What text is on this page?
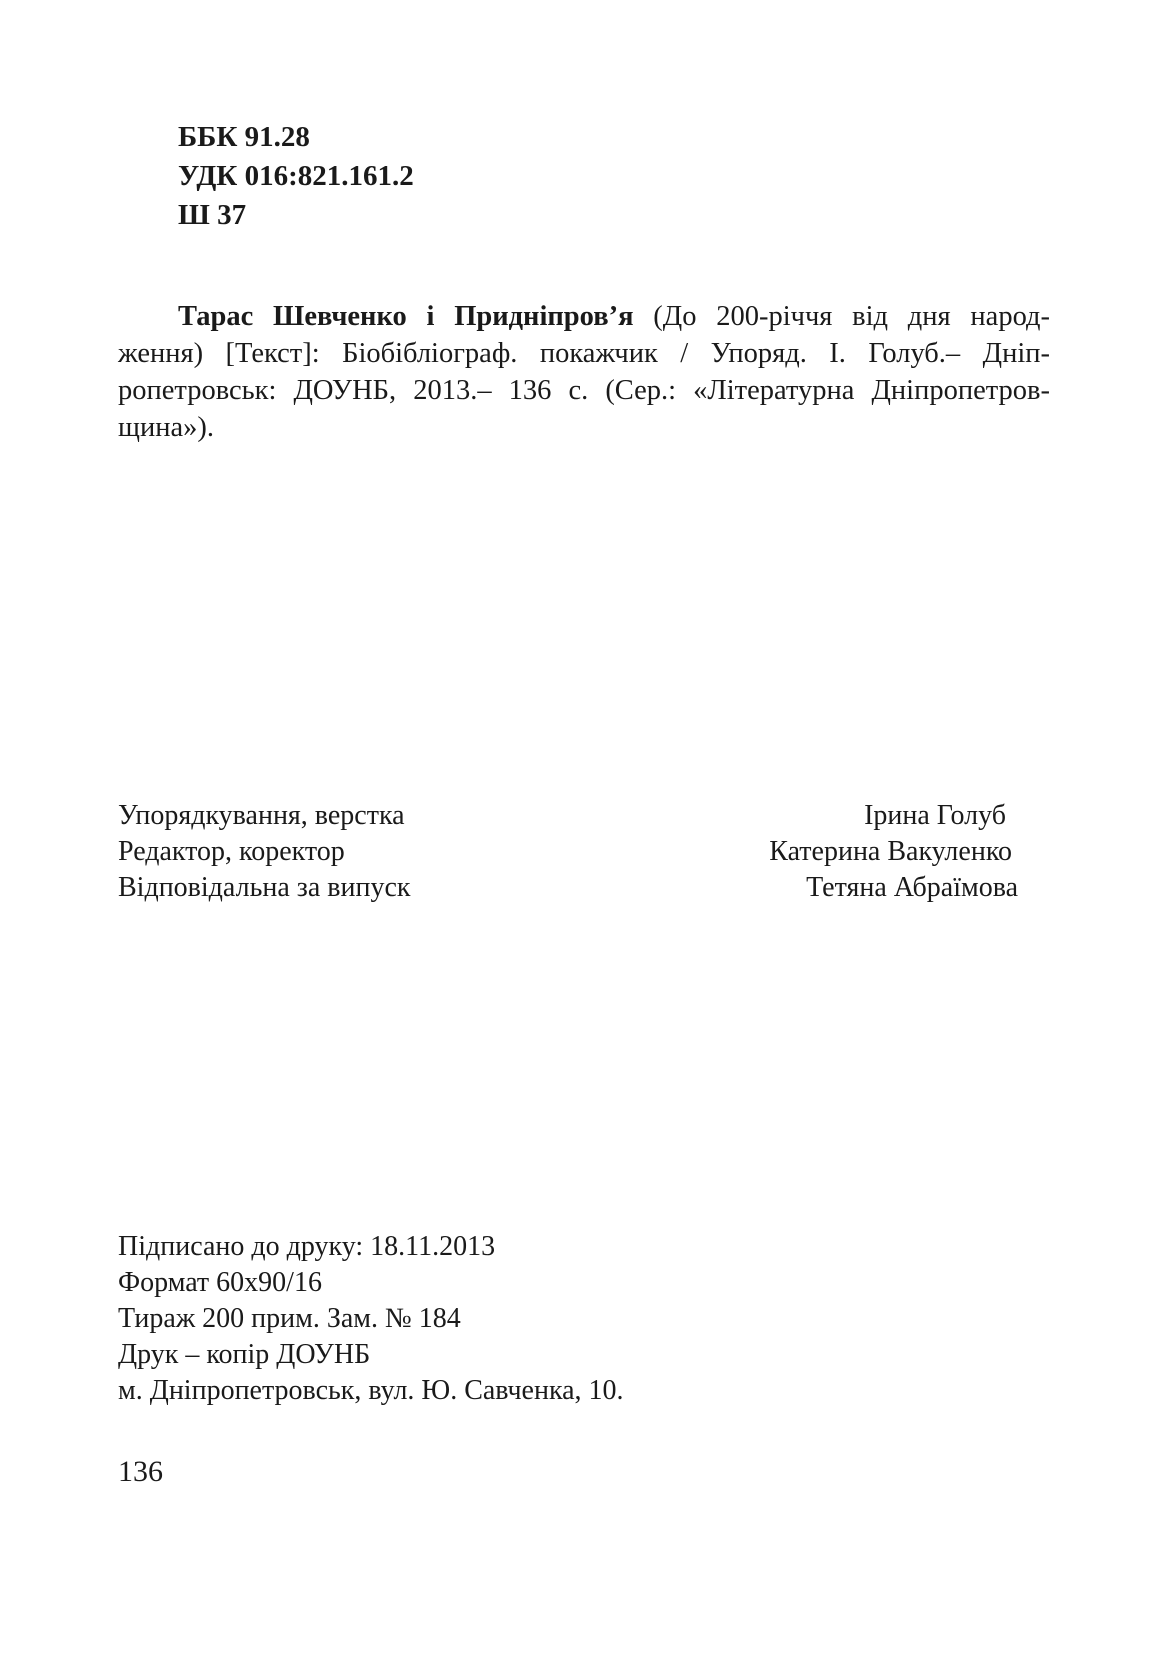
ББК 91.28
УДК 016:821.161.2
Ш 37
Тарас Шевченко і Придніпров’я (До 200-річчя від дня народ-
ження) [Текст]: Біобібліограф. покажчик / Упоряд. І. Голуб.– Дніп-
ропетровськ: ДОУНБ, 2013.– 136 с. (Сер.: «Літературна Дніпропетров-
щина»).
Упорядкування, верстка	Ірина Голуб
Редактор, коректор	Катерина Вакуленко
Відповідальна за випуск	Тетяна Абраїмова
Підписано до друку: 18.11.2013
Формат 60х90/16
Тираж 200 прим. Зам. № 184
Друк – копір ДОУНБ
м. Дніпропетровськ, вул. Ю. Савченка, 10.
136
